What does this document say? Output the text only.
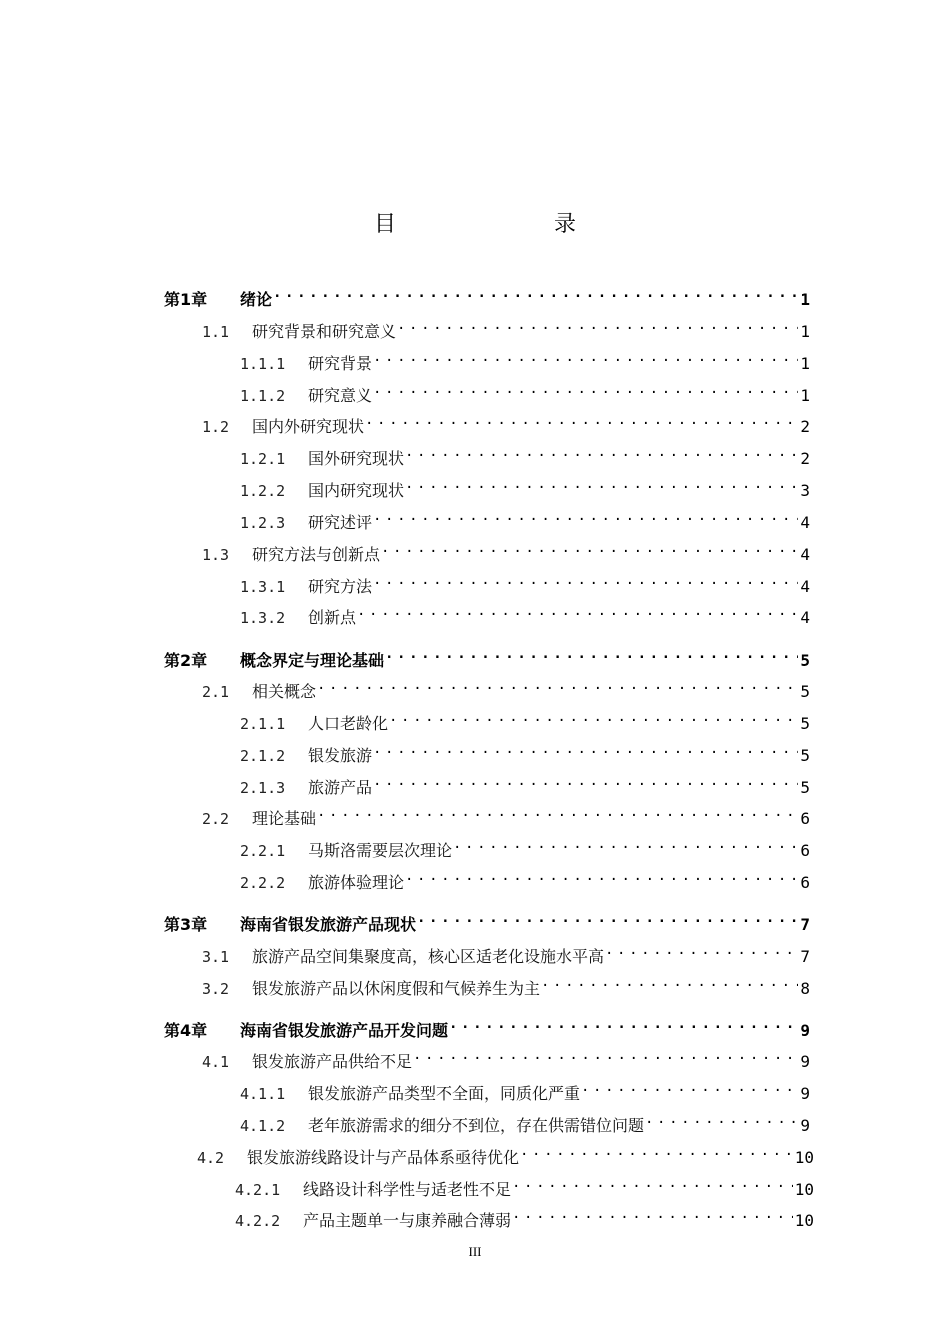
目　　录
第1章	绪论 .....	1
1.1	研究背景和研究意义 .....	1
1.1.1	研究背景 .....	1
1.1.2	研究意义 .....	1
1.2	国内外研究现状 .....	2
1.2.1	国外研究现状 .....	2
1.2.2	国内研究现状 .....	3
1.2.3	研究述评 .....	4
1.3	研究方法与创新点 .....	4
1.3.1	研究方法 .....	4
1.3.2	创新点 .....	4
第2章	概念界定与理论基础 .....	5
2.1	相关概念 .....	5
2.1.1	人口老龄化 .....	5
2.1.2	银发旅游 .....	5
2.1.3	旅游产品 .....	5
2.2	理论基础 .....	6
2.2.1	马斯洛需要层次理论 .....	6
2.2.2	旅游体验理论 .....	6
第3章	海南省银发旅游产品现状 .....	7
3.1	旅游产品空间集聚度高，核心区适老化设施水平高 .....	7
3.2	银发旅游产品以休闲度假和气候养生为主 .....	8
第4章	海南省银发旅游产品开发问题 .....	9
4.1	银发旅游产品供给不足 .....	9
4.1.1	银发旅游产品类型不全面，同质化严重 .....	9
4.1.2	老年旅游需求的细分不到位，存在供需错位问题 .....	9
4.2	银发旅游线路设计与产品体系亟待优化 .....	10
4.2.1	线路设计科学性与适老性不足 .....	10
4.2.2	产品主题单一与康养融合薄弱 .....	10
III
